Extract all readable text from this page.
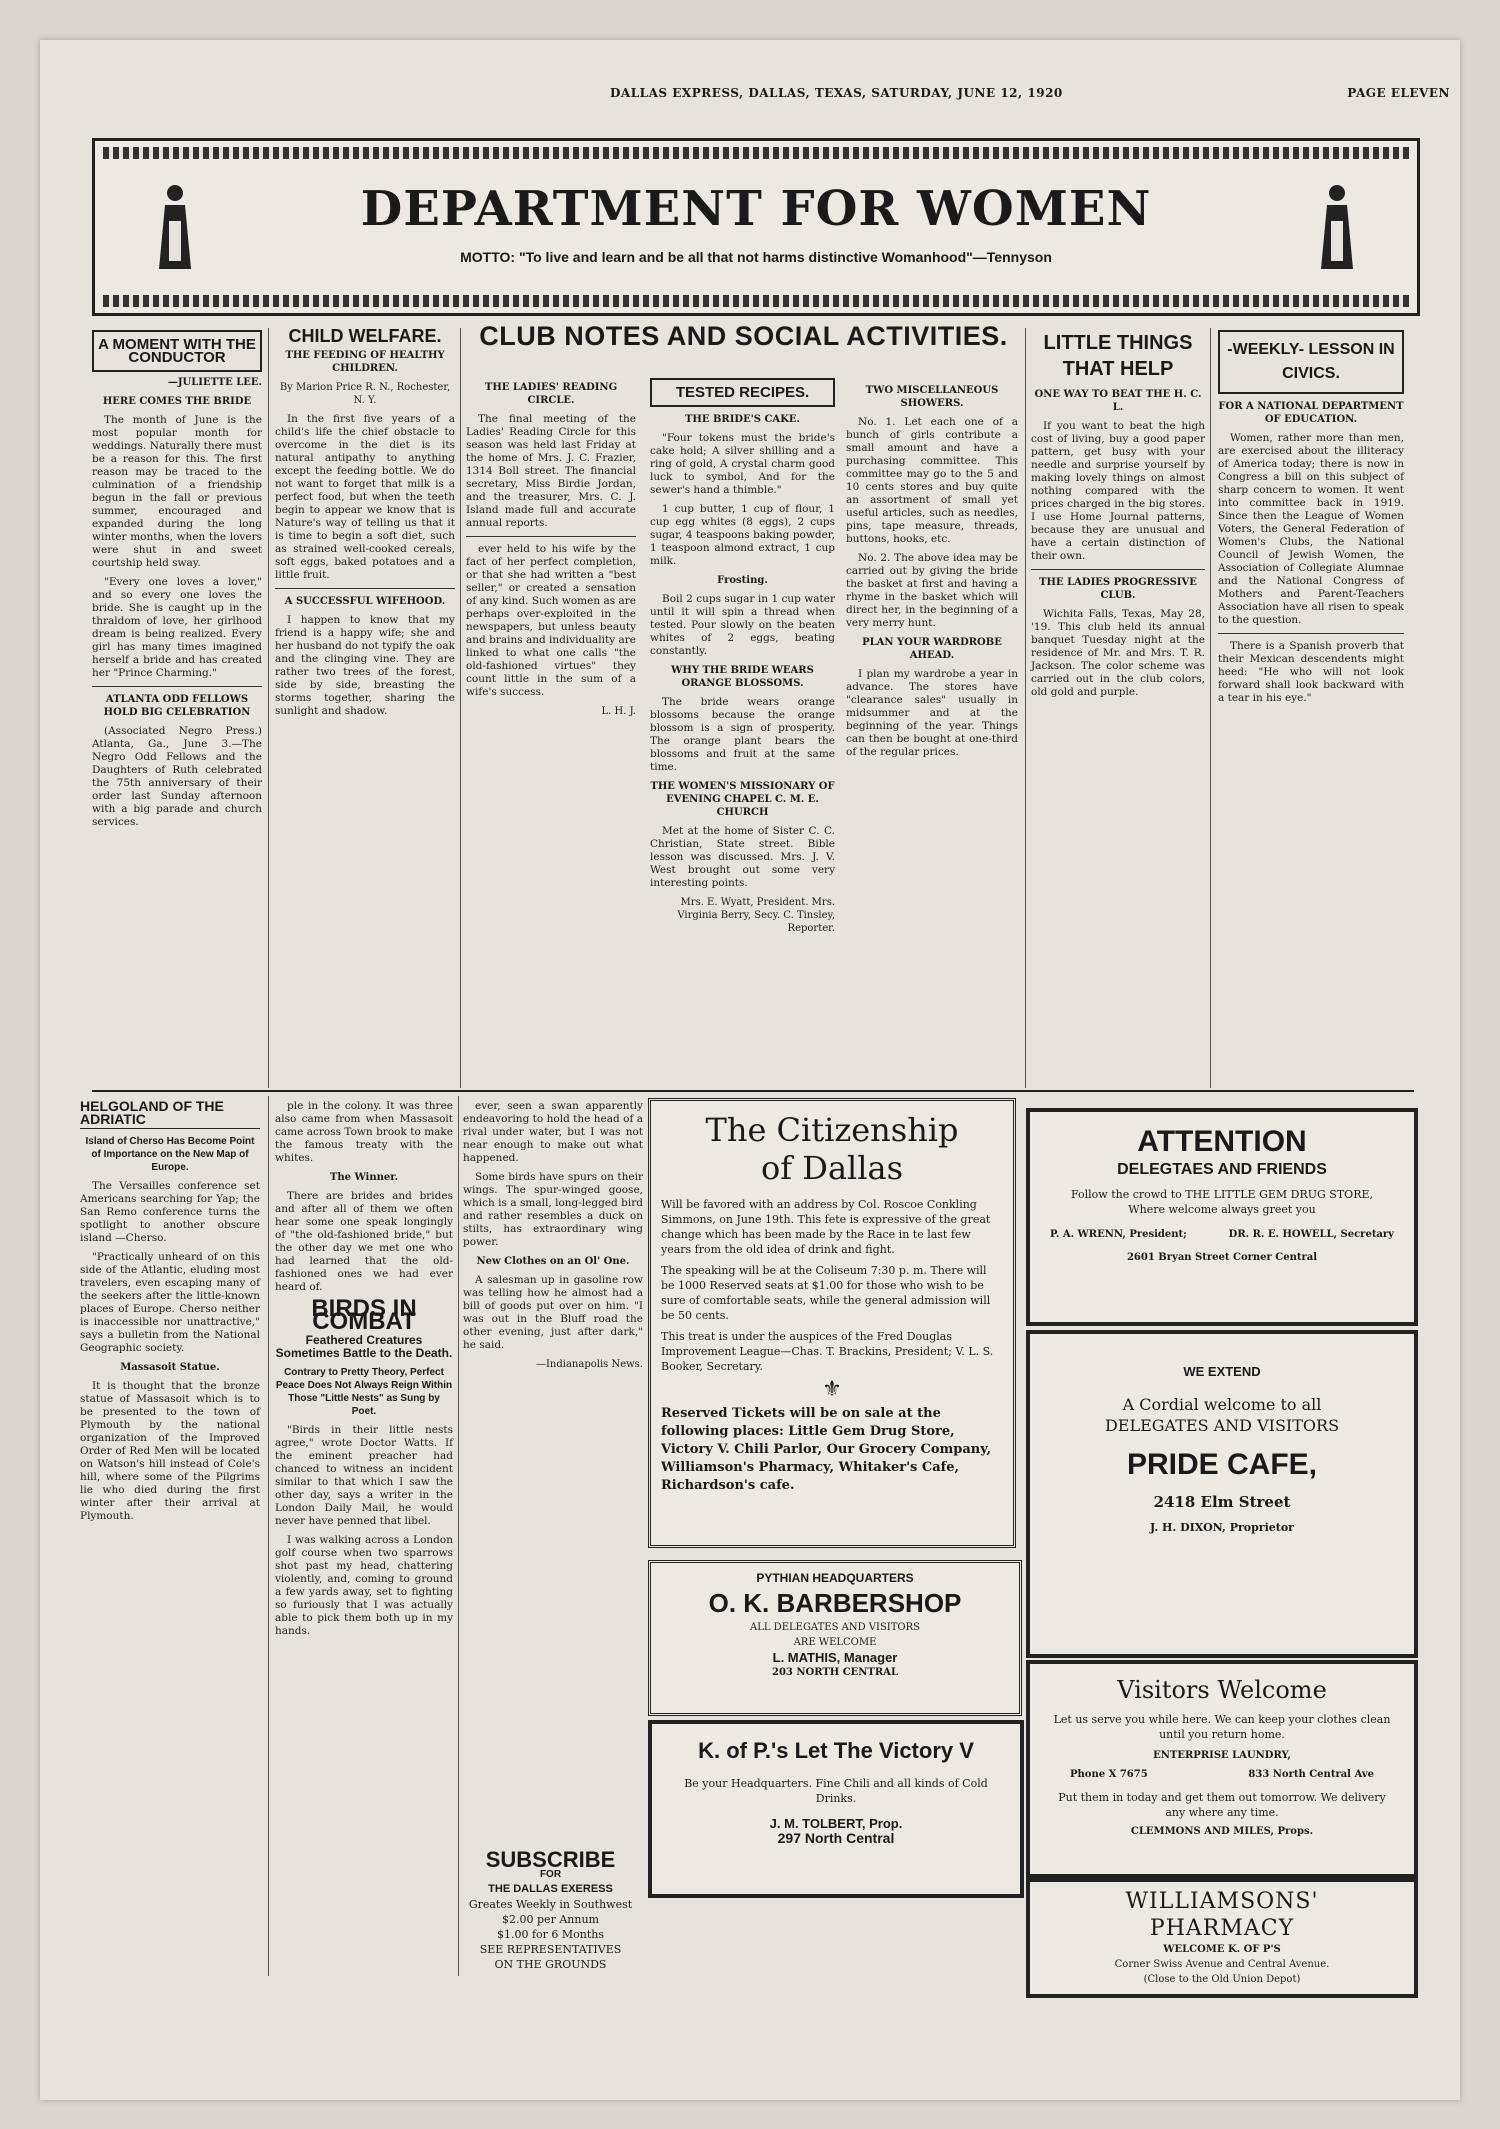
DALLAS EXPRESS, DALLAS, TEXAS, SATURDAY, JUNE 12, 1920	PAGE ELEVEN
DEPARTMENT FOR WOMEN
MOTTO: "To live and learn and be all that not harms distinctive Womanhood"—Tennyson
A MOMENT WITH THE CONDUCTOR
—JULIETTE LEE.
HERE COMES THE BRIDE

The month of June is the most popular month for weddings. Naturally there must be a reason for this. The first reason may be traced to the culmination of a friendship begun in the fall or previous summer, encouraged and expanded during the long winter months, when the lovers were shut in and sweet courtship held sway.

"Every one loves a lover," and so every one loves the bride. She is caught up in the thraldom of love, her girlhood dream is being realized. Every girl has many times imagined herself a bride and has created her "Prince Charming."

ATLANTA ODD FELLOWS HOLD BIG CELEBRATION

(Associated Negro Press.) Atlanta, Ga., June 3.—The Negro Odd Fellows and the Daughters of Ruth celebrated the 75th anniversary of their order last Sunday afternoon with a big parade and church services.

CHILD WELFARE.
THE FEEDING OF HEALTHY CHILDREN.
By Marion Price R. N., Rochester, N. Y.

In the first five years of a child's life the chief obstacle to overcome in the diet is its natural antipathy to anything except the feeding bottle. We do not want to forget that milk is a perfect food, but when the teeth begin to appear we know that is Nature's way of telling us that it is time to begin a soft diet, such as strained well-cooked cereals, soft eggs, baked potatoes and a little fruit.

A SUCCESSFUL WIFEHOOD.

I happen to know that my friend is a happy wife; she and her husband do not typify the oak and the clinging vine. They are rather two trees of the forest, side by side, breasting the storms together, sharing the sunlight and shadow.

CLUB NOTES AND SOCIAL ACTIVITIES.
THE LADIES' READING CIRCLE.

The final meeting of the Ladies' Reading Circle for this season was held last Friday at the home of Mrs. J. C. Frazier, 1314 Boll street. The financial secretary, Miss Birdie Jordan, and the treasurer, Mrs. C. J. Island made full and accurate annual reports.

ever held to his wife by the fact of her perfect completion, or that she had written a "best seller," or created a sensation of any kind. Such women as are perhaps over-exploited in the newspapers, but unless beauty and brains and individuality are linked to what one calls "the old-fashioned virtues" they count little in the sum of a wife's success.

L. H. J.
TESTED RECIPES.
THE BRIDE'S CAKE.

"Four tokens must the bride's cake hold; A silver shilling and a ring of gold, A crystal charm good luck to symbol, And for the sewer's hand a thimble."

1 cup butter, 1 cup of flour, 1 cup egg whites (8 eggs), 2 cups sugar, 4 teaspoons baking powder, 1 teaspoon almond extract, 1 cup milk.

Frosting.

Boil 2 cups sugar in 1 cup water until it will spin a thread when tested. Pour slowly on the beaten whites of 2 eggs, beating constantly.

WHY THE BRIDE WEARS ORANGE BLOSSOMS.

The bride wears orange blossoms because the orange blossom is a sign of prosperity. The orange plant bears the blossoms and fruit at the same time.

THE WOMEN'S MISSIONARY OF EVENING CHAPEL C. M. E. CHURCH

Met at the home of Sister C. C. Christian, State street. Bible lesson was discussed. Mrs. J. V. West brought out some very interesting points.

Mrs. E. Wyatt, President. Mrs. Virginia Berry, Secy. C. Tinsley, Reporter.
TWO MISCELLANEOUS SHOWERS.

No. 1. Let each one of a bunch of girls contribute a small amount and have a purchasing committee. This committee may go to the 5 and 10 cents stores and buy quite an assortment of small yet useful articles, such as needles, pins, tape measure, threads, buttons, hooks, etc.

No. 2. The above idea may be carried out by giving the bride the basket at first and having a rhyme in the basket which will direct her, in the beginning of a very merry hunt.

PLAN YOUR WARDROBE AHEAD.

I plan my wardrobe a year in advance. The stores have "clearance sales" usually in midsummer and at the beginning of the year. Things can then be bought at one-third of the regular prices.

LITTLE THINGS THAT HELP
ONE WAY TO BEAT THE H. C. L.

If you want to beat the high cost of living, buy a good paper pattern, get busy with your needle and surprise yourself by making lovely things on almost nothing compared with the prices charged in the big stores. I use Home Journal patterns, because they are unusual and have a certain distinction of their own.

THE LADIES PROGRESSIVE CLUB.

Wichita Falls, Texas, May 28, '19. This club held its annual banquet Tuesday night at the residence of Mr. and Mrs. T. R. Jackson. The color scheme was carried out in the club colors, old gold and purple.

-WEEKLY- LESSON IN CIVICS.
FOR A NATIONAL DEPARTMENT OF EDUCATION.

Women, rather more than men, are exercised about the illiteracy of America today; there is now in Congress a bill on this subject of sharp concern to women. It went into committee back in 1919. Since then the League of Women Voters, the General Federation of Women's Clubs, the National Council of Jewish Women, the Association of Collegiate Alumnae and the National Congress of Mothers and Parent-Teachers Association have all risen to speak to the question.

There is a Spanish proverb that their Mexican descendents might heed: "He who will not look forward shall look backward with a tear in his eye."

HELGOLAND OF THE ADRIATIC
Island of Cherso Has Become Point of Importance on the New Map of Europe.

The Versailles conference set Americans searching for Yap; the San Remo conference turns the spotlight to another obscure island —Cherso.

"Practically unheard of on this side of the Atlantic, eluding most travelers, even escaping many of the seekers after the little-known places of Europe. Cherso neither is inaccessible nor unattractive," says a bulletin from the National Geographic society.

Massasoit Statue.

It is thought that the bronze statue of Massasoit which is to be presented to the town of Plymouth by the national organization of the Improved Order of Red Men will be located on Watson's hill instead of Cole's hill, where some of the Pilgrims lie who died during the first winter after their arrival at Plymouth.

ple in the colony. It was three also came from when Massasoit came across Town brook to make the famous treaty with the whites.

The Winner.

There are brides and brides and after all of them we often hear some one speak longingly of "the old-fashioned bride," but the other day we met one who had learned that the old-fashioned ones we had ever heard of.

BIRDS IN COMBAT
Feathered Creatures Sometimes Battle to the Death.
Contrary to Pretty Theory, Perfect Peace Does Not Always Reign Within Those "Little Nests" as Sung by Poet.

"Birds in their little nests agree," wrote Doctor Watts. If the eminent preacher had chanced to witness an incident similar to that which I saw the other day, says a writer in the London Daily Mail, he would never have penned that libel.

I was walking across a London golf course when two sparrows shot past my head, chattering violently, and, coming to ground a few yards away, set to fighting so furiously that I was actually able to pick them both up in my hands.

ever, seen a swan apparently endeavoring to hold the head of a rival under water, but I was not near enough to make out what happened.

Some birds have spurs on their wings. The spur-winged goose, which is a small, long-legged bird and rather resembles a duck on stilts, has extraordinary wing power.

New Clothes on an Ol' One.

A salesman up in gasoline row was telling how he almost had a bill of goods put over on him. "I was out in the Bluff road the other evening, just after dark," he said.

—Indianapolis News.
SUBSCRIBE
FOR
THE DALLAS EXERESS
Greates Weekly in Southwest
$2.00 per Annum
$1.00 for 6 Months
SEE REPRESENTATIVES
ON THE GROUNDS
The Citizenship
of Dallas

Will be favored with an address by Col. Roscoe Conkling Simmons, on June 19th. This fete is expressive of the great change which has been made by the Race in te last few years from the old idea of drink and fight.

The speaking will be at the Coliseum 7:30 p. m. There will be 1000 Reserved seats at $1.00 for those who wish to be sure of comfortable seats, while the general admission will be 50 cents.

This treat is under the auspices of the Fred Douglas Improvement League—Chas. T. Brackins, President; V. L. S. Booker, Secretary.

⚜

Reserved Tickets will be on sale at the following places: Little Gem Drug Store, Victory V. Chili Parlor, Our Grocery Company, Williamson's Pharmacy, Whitaker's Cafe, Richardson's cafe.

PYTHIAN HEADQUARTERS
O. K. BARBERSHOP
ALL DELEGATES AND VISITORS
ARE WELCOME
L. MATHIS, Manager
203 NORTH CENTRAL
K. of P.'s Let The Victory V
Be your Headquarters. Fine Chili and all kinds of Cold Drinks.
J. M. TOLBERT, Prop.
297 North Central
ATTENTION
DELEGTAES AND FRIENDS
Follow the crowd to THE LITTLE GEM DRUG STORE,
Where welcome always greet you
P. A. WRENN, President;	DR. R. E. HOWELL, Secretary
2601 Bryan Street Corner Central
WE EXTEND
A Cordial welcome to all
DELEGATES AND VISITORS
PRIDE CAFE,
2418 Elm Street
J. H. DIXON, Proprietor
Visitors Welcome
Let us serve you while here. We can keep your clothes clean until you return home.
ENTERPRISE LAUNDRY,
Phone X 7675	833 North Central Ave
Put them in today and get them out tomorrow. We delivery any where any time.
CLEMMONS AND MILES, Props.
WILLIAMSONS'
PHARMACY
WELCOME K. OF P'S
Corner Swiss Avenue and Central Avenue.
(Close to the Old Union Depot)
